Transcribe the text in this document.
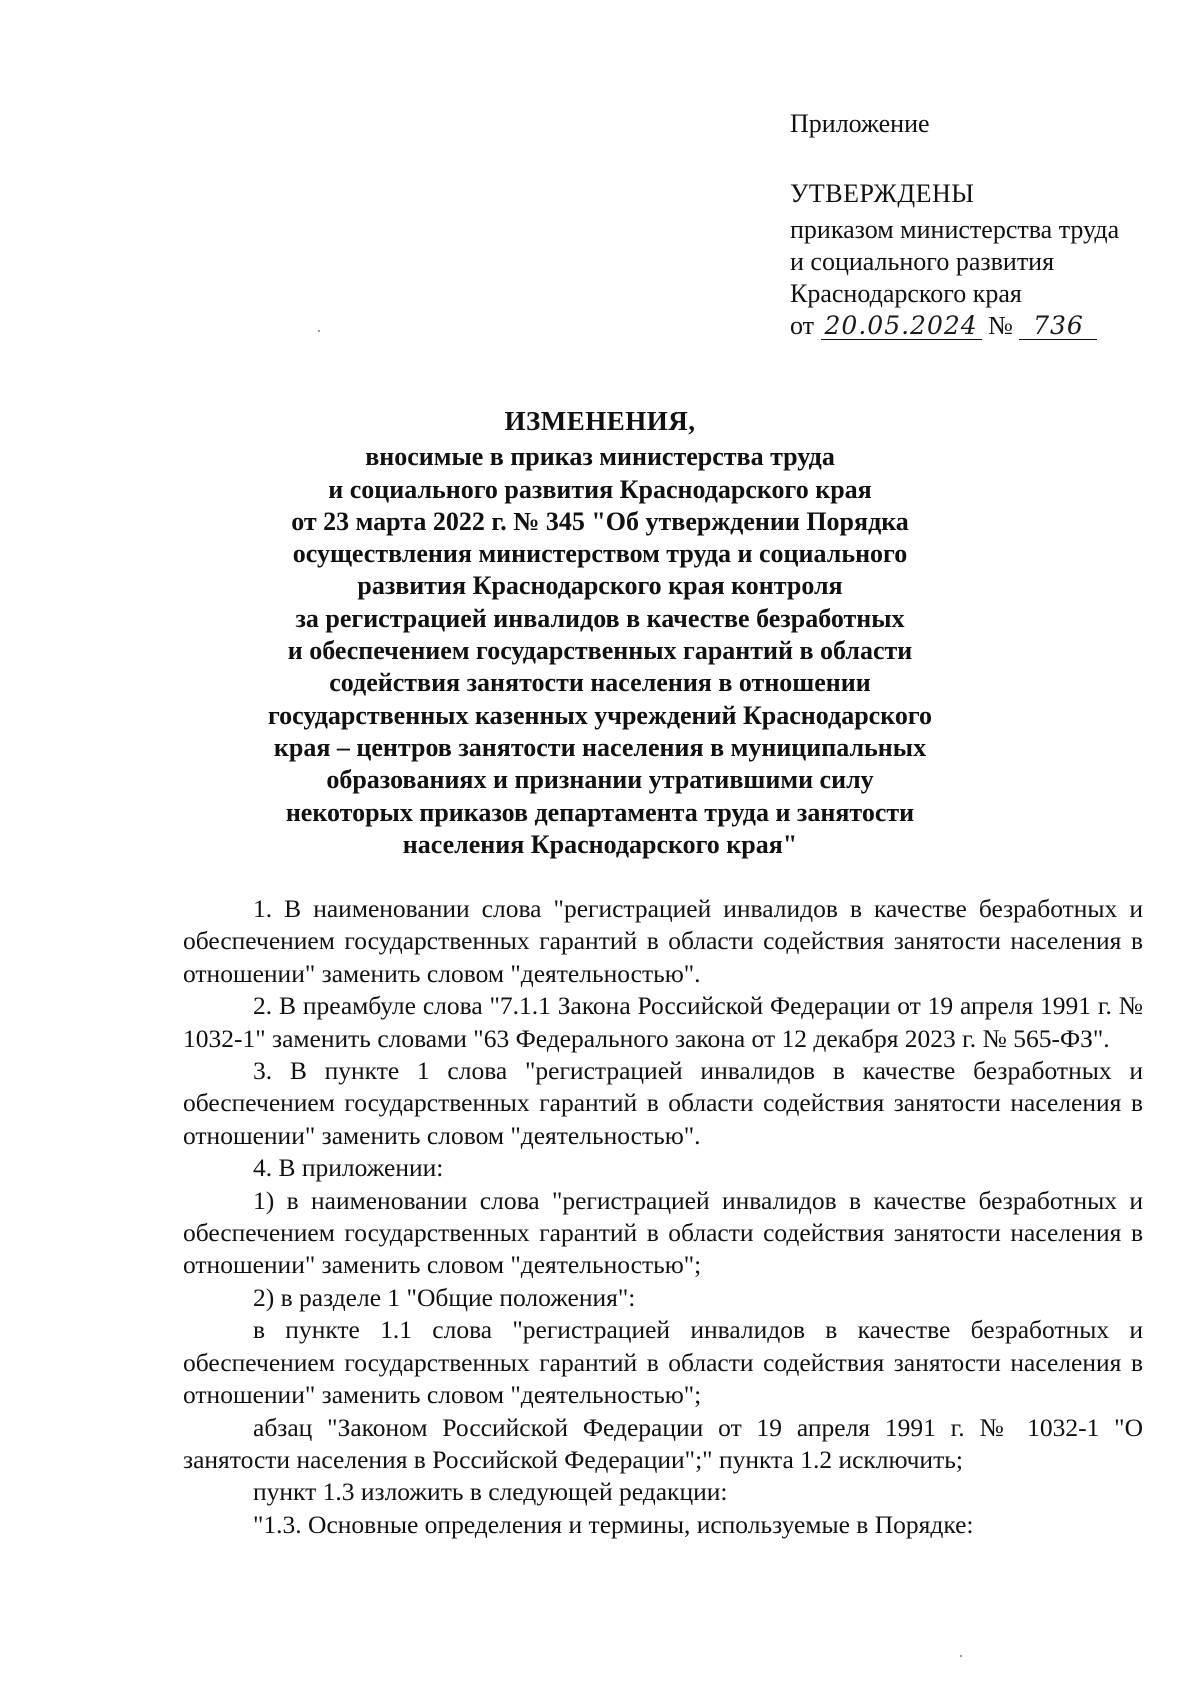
Приложение

УТВЕРЖДЕНЫ

приказом министерства труда

и социального развития

Краснодарского края

от 20.05.2024 № 736

ИЗМЕНЕНИЯ,

вносимые в приказ министерства труда

и социального развития Краснодарского края

от 23 марта 2022 г. № 345 "Об утверждении Порядка

осуществления министерством труда и социального

развития Краснодарского края контроля

за регистрацией инвалидов в качестве безработных

и обеспечением государственных гарантий в области

содействия занятости населения в отношении

государственных казенных учреждений Краснодарского

края – центров занятости населения в муниципальных

образованиях и признании утратившими силу

некоторых приказов департамента труда и занятости

населения Краснодарского края"

1. В наименовании слова "регистрацией инвалидов в качестве безработных и обеспечением государственных гарантий в области содействия занятости населения в отношении" заменить словом "деятельностью".

2. В преамбуле слова "7.1.1 Закона Российской Федерации от 19 апреля 1991 г. № 1032-1" заменить словами "63 Федерального закона от 12 декабря 2023 г. № 565-ФЗ".

3. В пункте 1 слова "регистрацией инвалидов в качестве безработных и обеспечением государственных гарантий в области содействия занятости населения в отношении" заменить словом "деятельностью".

4. В приложении:

1) в наименовании слова "регистрацией инвалидов в качестве безработных и обеспечением государственных гарантий в области содействия занятости населения в отношении" заменить словом "деятельностью";

2) в разделе 1 "Общие положения":

в пункте 1.1 слова "регистрацией инвалидов в качестве безработных и обеспечением государственных гарантий в области содействия занятости населения в отношении" заменить словом "деятельностью";

абзац "Законом Российской Федерации от 19 апреля 1991 г. № 1032-1 "О занятости населения в Российской Федерации";" пункта 1.2 исключить;

пункт 1.3 изложить в следующей редакции:

"1.3. Основные определения и термины, используемые в Порядке:
